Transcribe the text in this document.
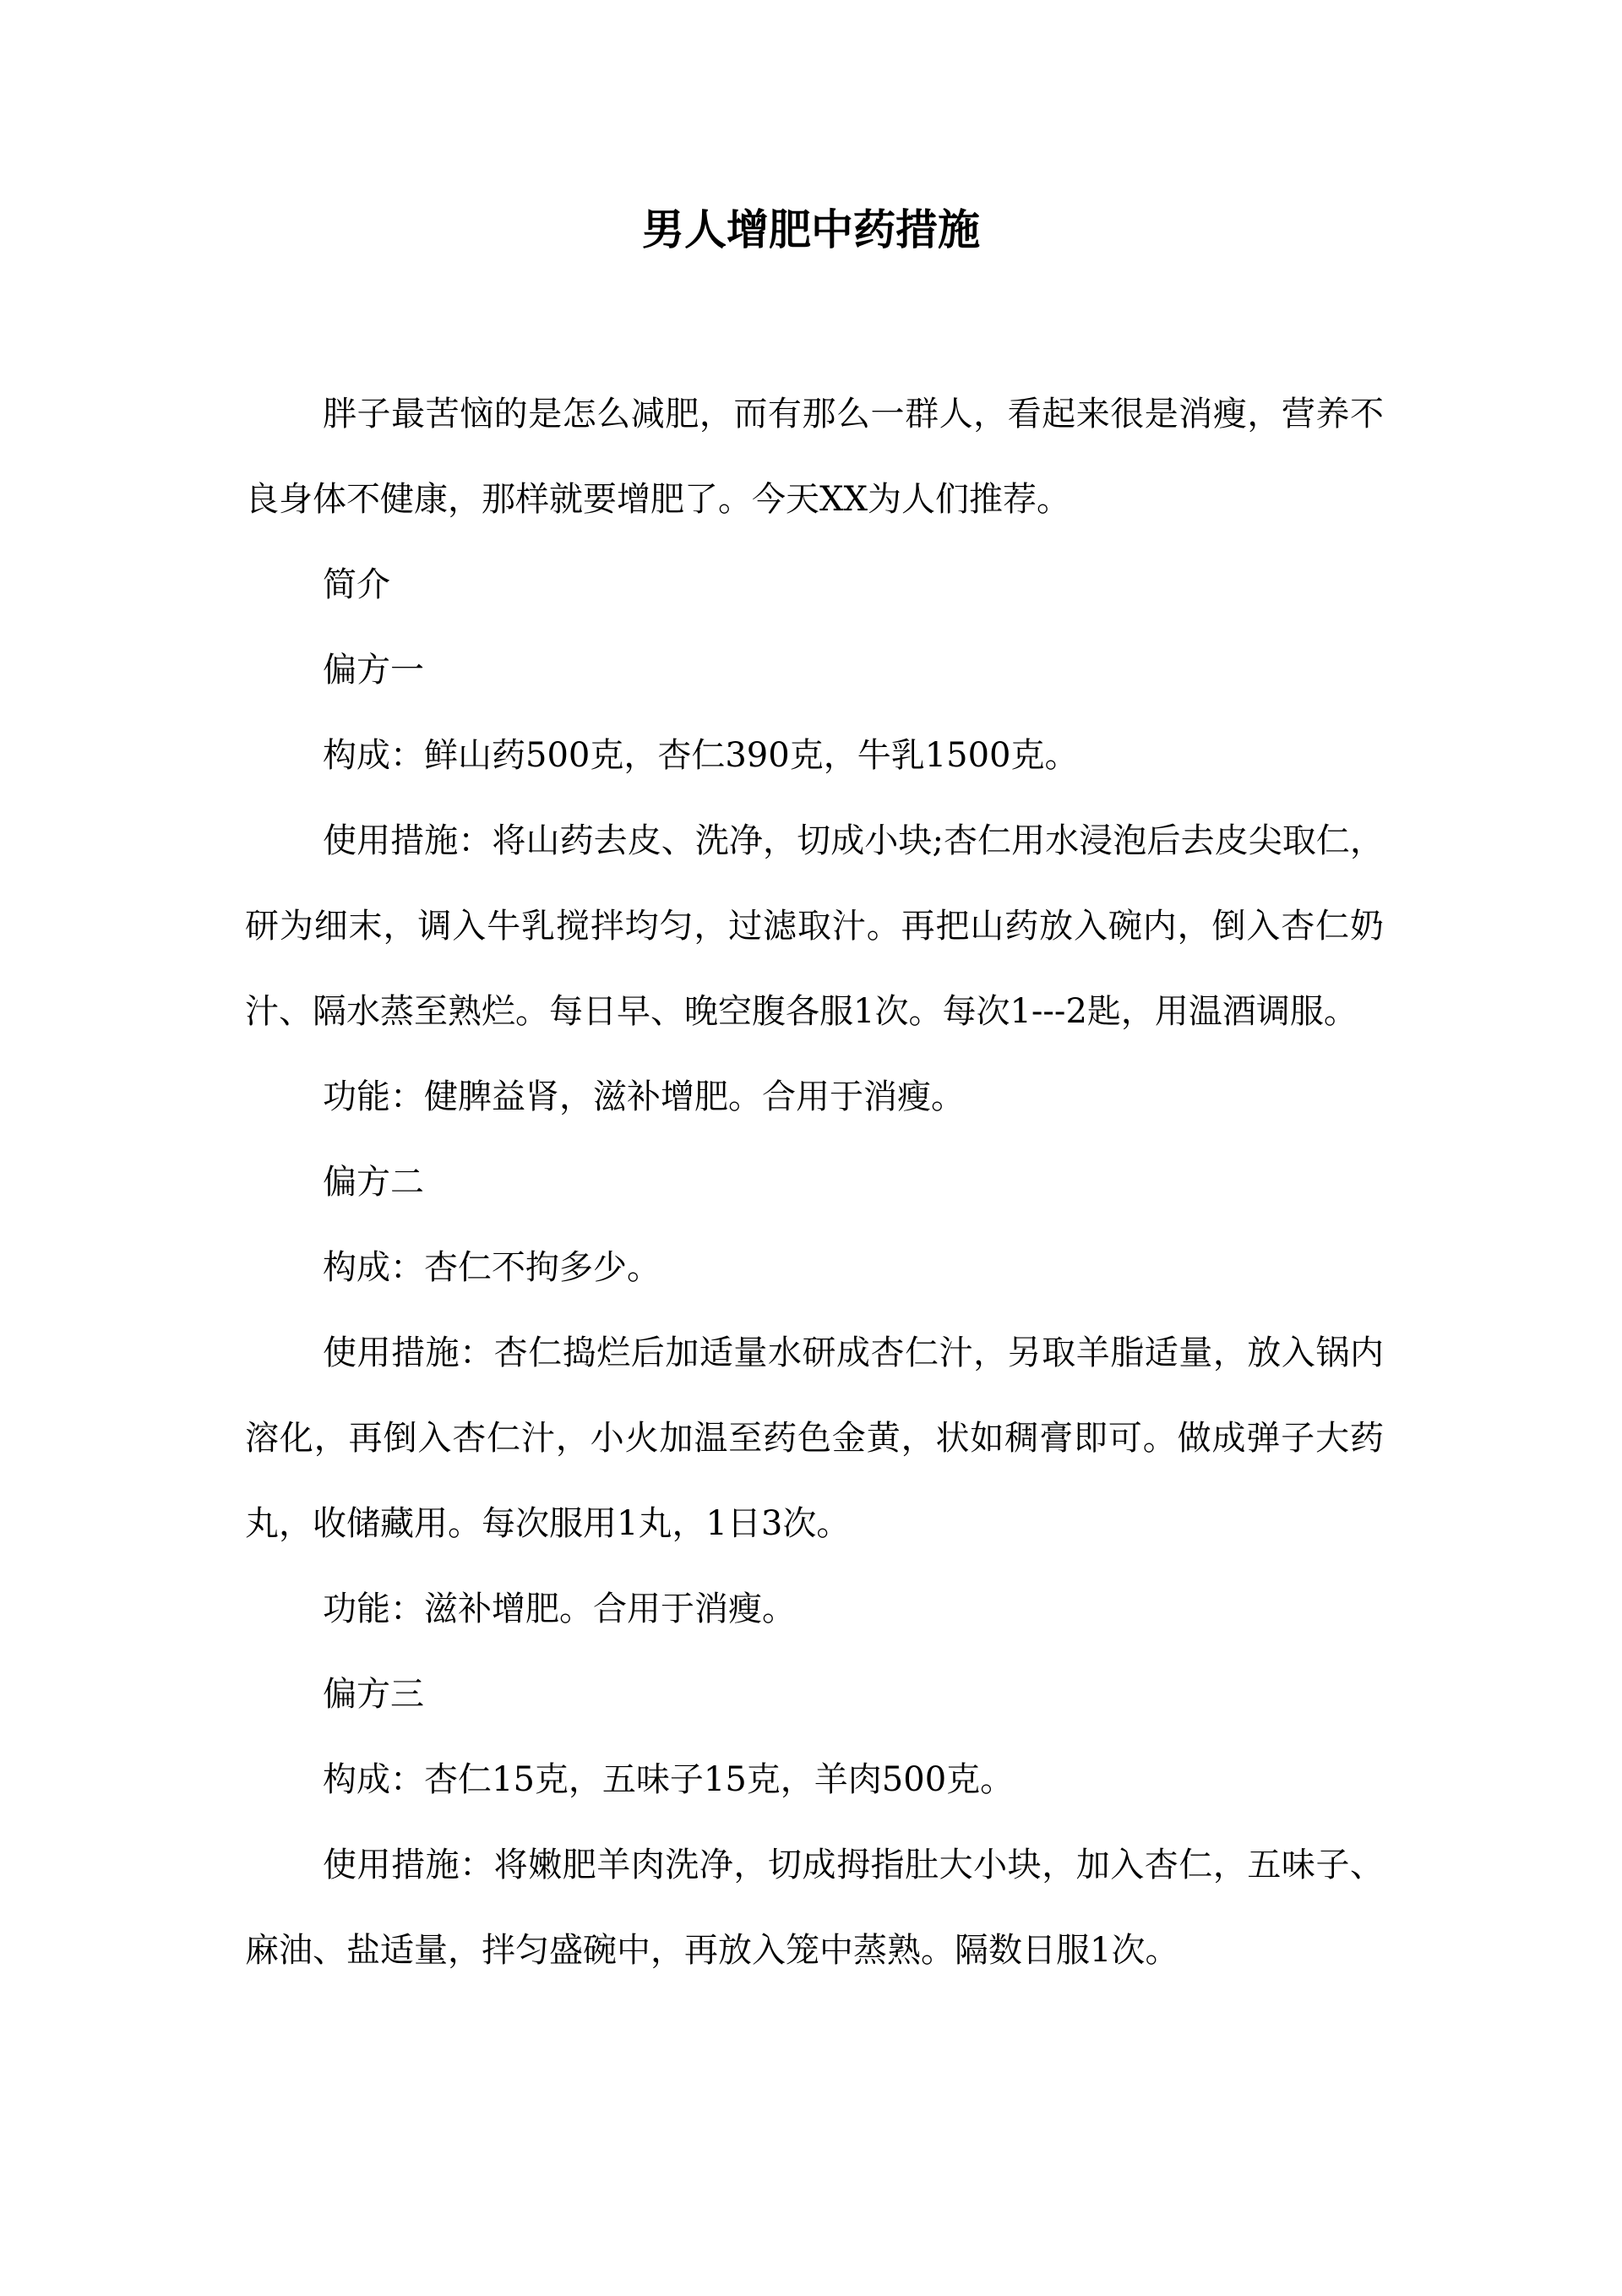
男人增肥中药措施

胖子最苦恼的是怎么减肥，而有那么一群人，看起来很是消瘦，营养不良身体不健康，那样就要增肥了。今天XX为人们推荐。

简介

偏方一

构成：鲜山药500克，杏仁390克，牛乳1500克。

使用措施：将山药去皮、洗净，切成小块;杏仁用水浸泡后去皮尖取仁，研为细末，调入牛乳搅拌均匀，过滤取汁。再把山药放入碗内，倒入杏仁奶汁、隔水蒸至熟烂。每日早、晚空腹各服1次。每次1---2匙，用温酒调服。

功能：健脾益肾，滋补增肥。合用于消瘦。

偏方二

构成：杏仁不拘多少。

使用措施：杏仁捣烂后加适量水研成杏仁汁，另取羊脂适量，放入锅内溶化，再倒入杏仁汁，小火加温至药色金黄，状如稠膏即可。做成弹子大药丸，收储藏用。每次服用1丸，1日3次。

功能：滋补增肥。合用于消瘦。

偏方三

构成：杏仁15克，五味子15克，羊肉500克。

使用措施：将嫩肥羊肉洗净，切成拇指肚大小块，加入杏仁，五味子、麻油、盐适量，拌匀盛碗中，再放入笼中蒸熟。隔数日服1次。
